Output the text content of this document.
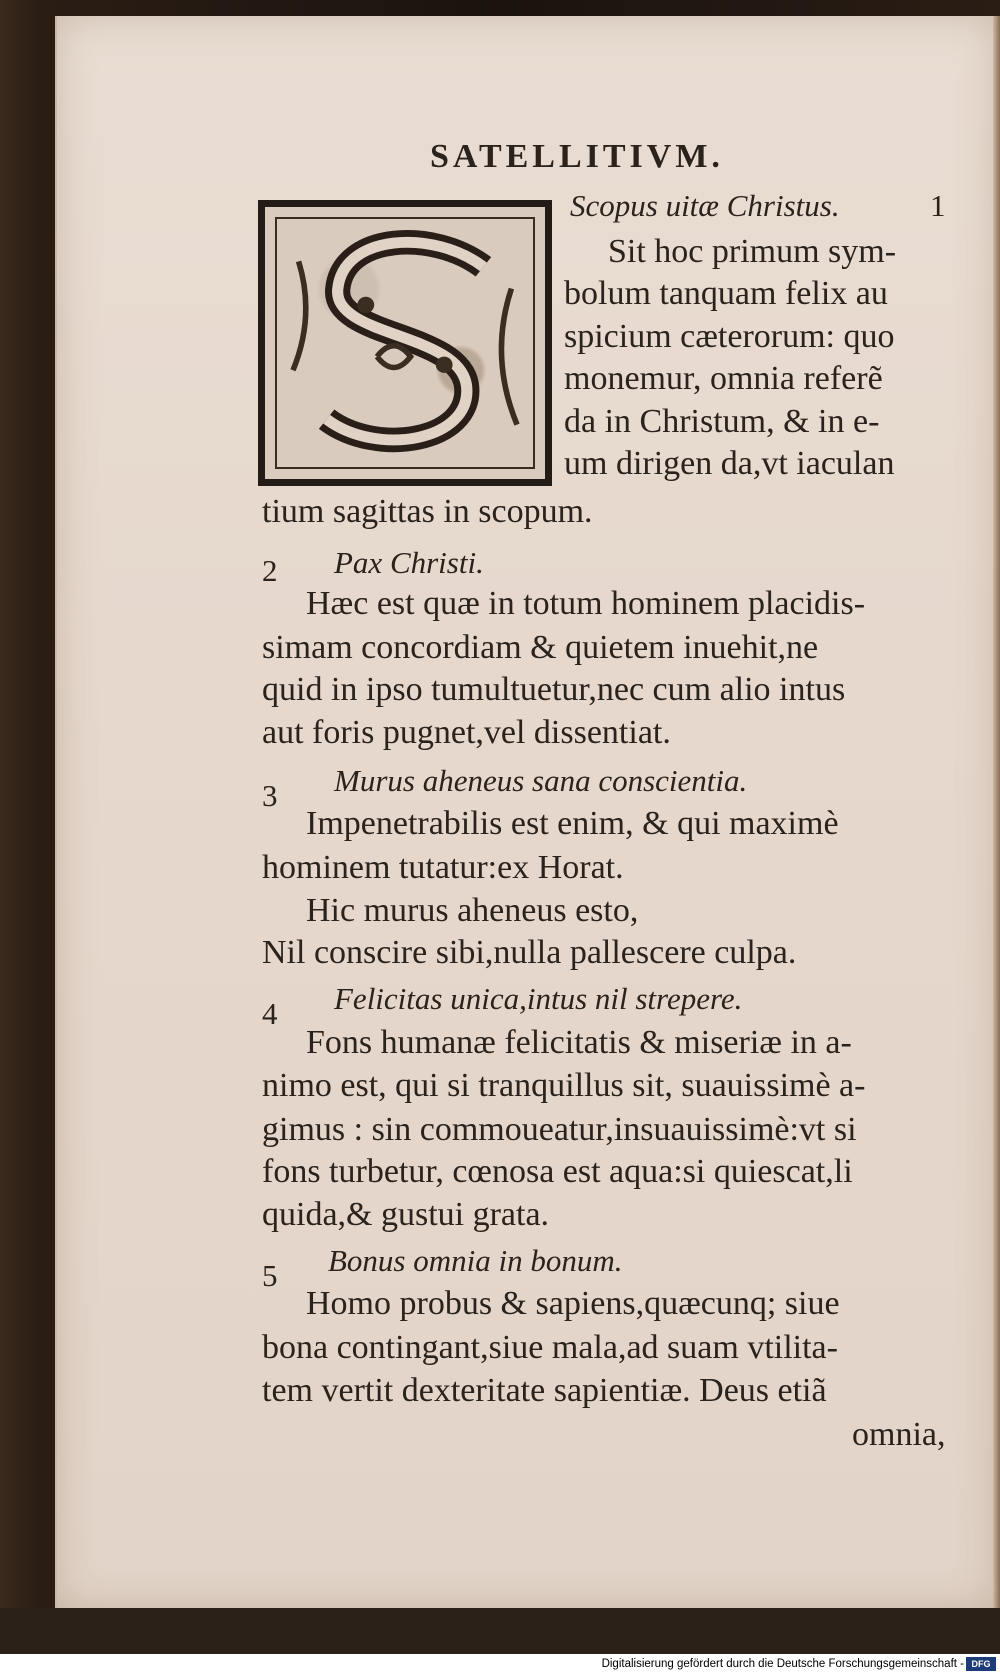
SATELLITIVM.
Scopus uitæ Christus.	1
Sit hoc primum sym-
bolum tanquam felix au
spicium cæterorum: quo
monemur, omnia referẽ
da in Christum, & in e-
um dirigen da,vt iaculan
tium sagittas in scopum.
2 Pax Christi.
Hæc est quæ in totum hominem placidis-
simam concordiam & quietem inuehit,ne
quid in ipso tumultuetur,nec cum alio intus
aut foris pugnet,vel dissentiat.
3 Murus aheneus sana conscientia.
Impenetrabilis est enim, & qui maximè
hominem tutatur:ex Horat.
Hic murus aheneus esto,
Nil conscire sibi,nulla pallescere culpa.
4 Felicitas unica,intus nil strepere.
Fons humanæ felicitatis & miseriæ in a-
nimo est, qui si tranquillus sit, suauissimè a-
gimus : sin commoueatur,insuauissimè:vt si
fons turbetur, cœnosa est aqua:si quiescat,li
quida,& gustui grata.
5 Bonus omnia in bonum.
Homo probus & sapiens,quæcunq; siue
bona contingant,siue mala,ad suam vtilita-
tem vertit dexteritate sapientiæ. Deus etiã
omnia,
Digitalisierung gefördert durch die Deutsche Forschungsgemeinschaft - DFG
